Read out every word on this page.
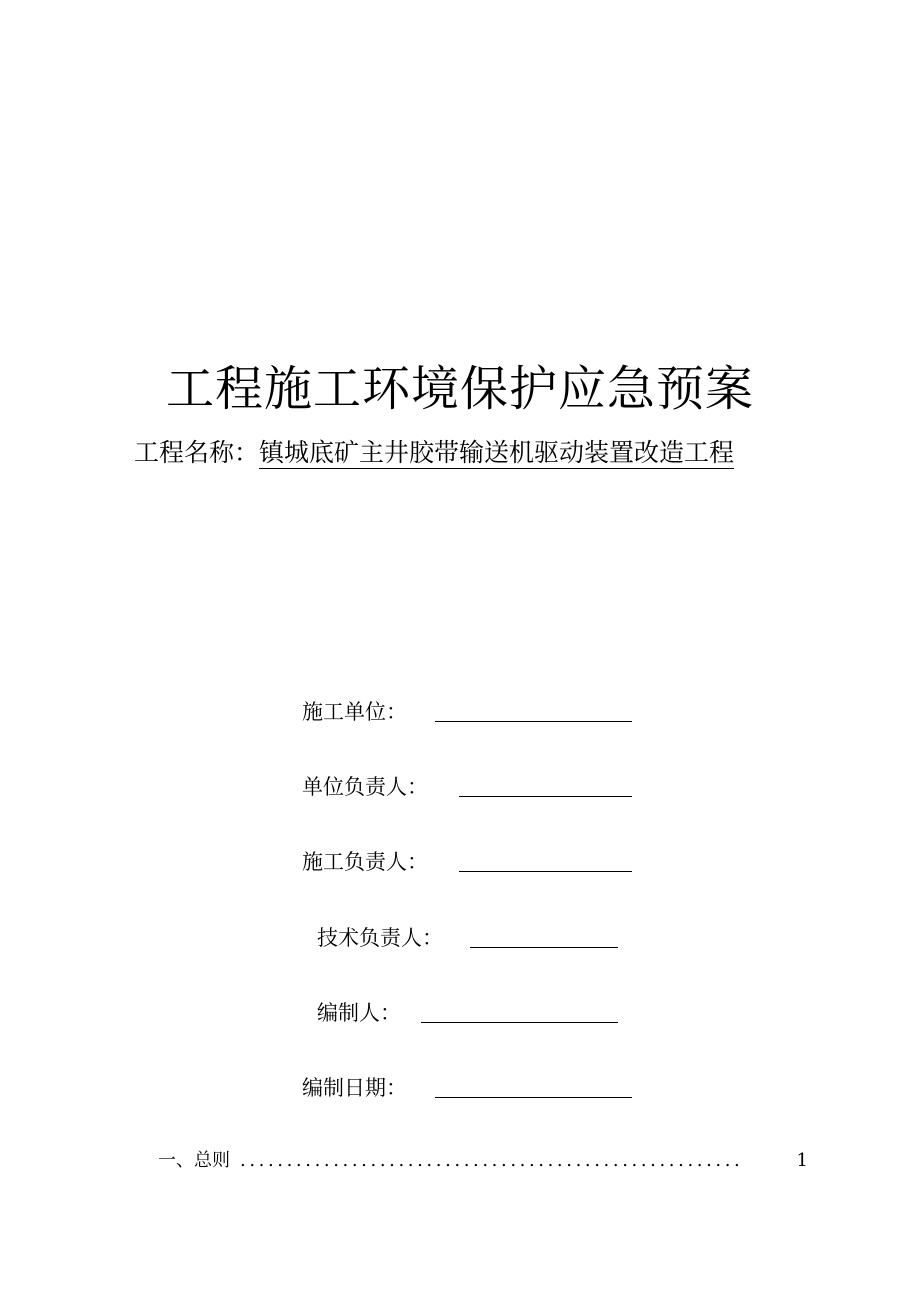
工程施工环境保护应急预案
工程名称：镇城底矿主井胶带输送机驱动装置改造工程
施工单位：
单位负责人：
施工负责人：
技术负责人：
编制人：
编制日期：
一、总则 ......................................................	1
